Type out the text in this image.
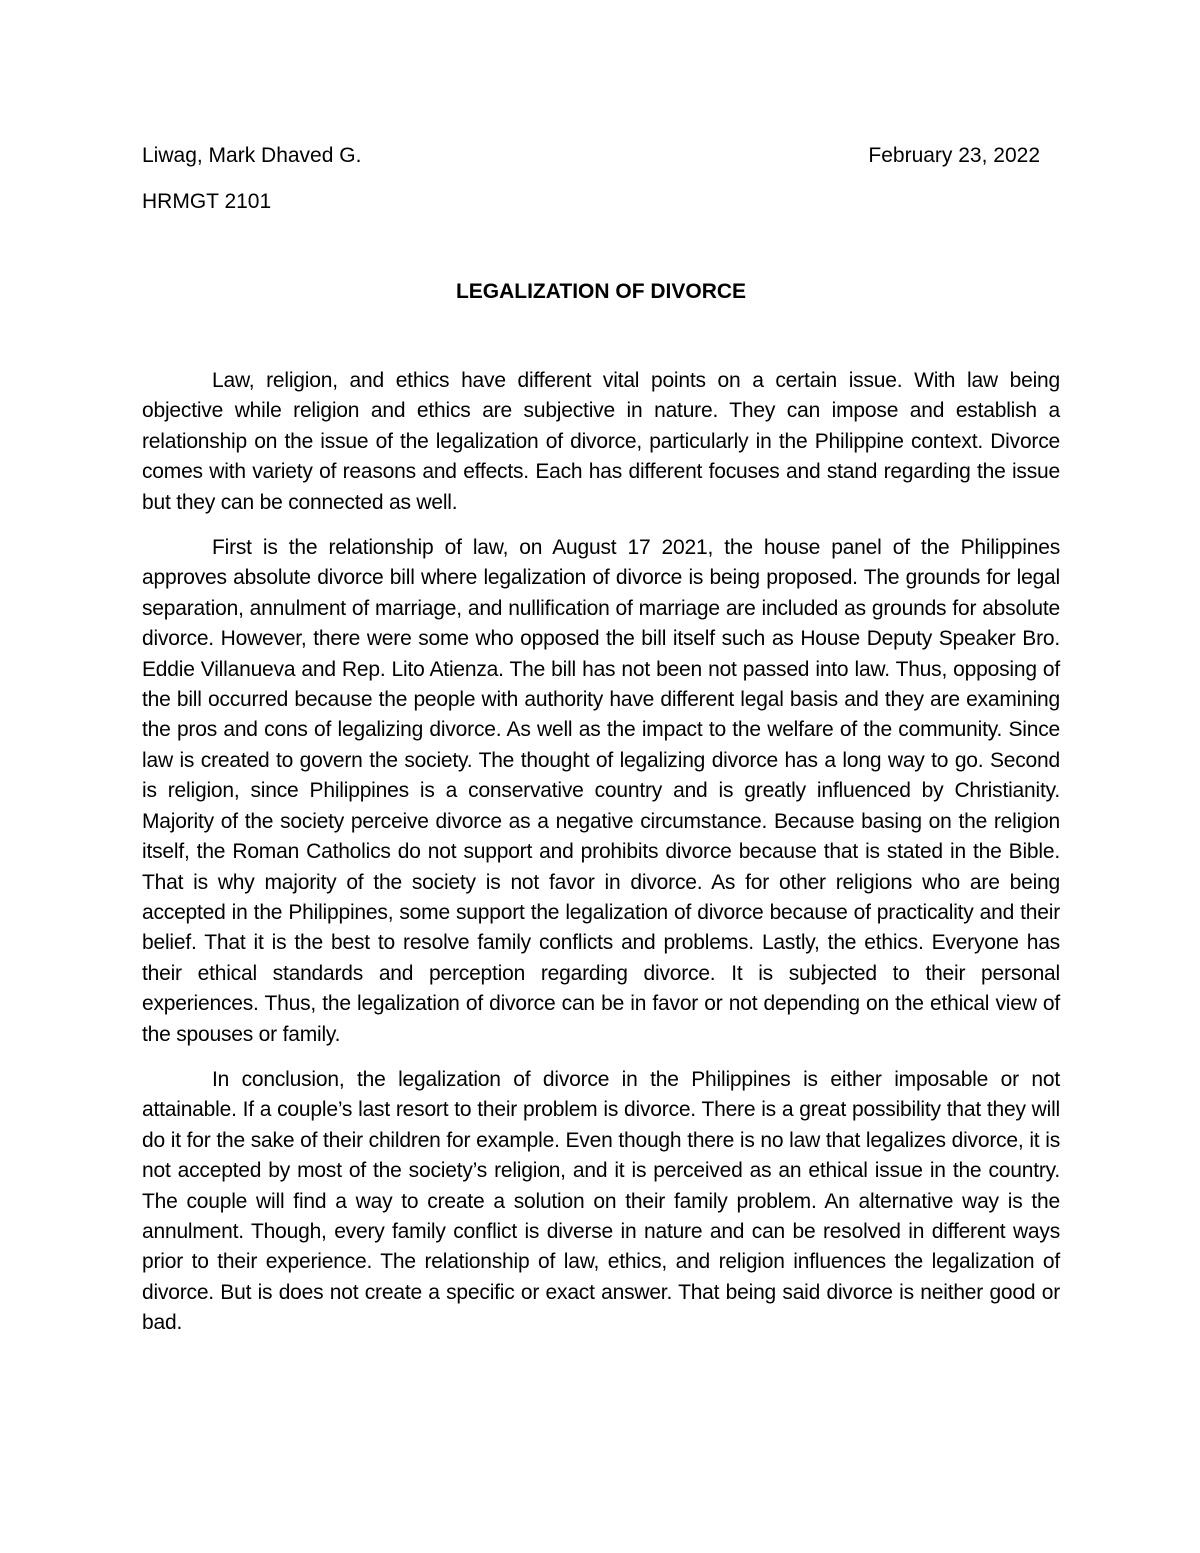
Liwag, Mark Dhaved G.	February 23, 2022
HRMGT 2101
LEGALIZATION OF DIVORCE

Law, religion, and ethics have different vital points on a certain issue. With law being objective while religion and ethics are subjective in nature. They can impose and establish a relationship on the issue of the legalization of divorce, particularly in the Philippine context. Divorce comes with variety of reasons and effects. Each has different focuses and stand regarding the issue but they can be connected as well.

First is the relationship of law, on August 17 2021, the house panel of the Philippines approves absolute divorce bill where legalization of divorce is being proposed. The grounds for legal separation, annulment of marriage, and nullification of marriage are included as grounds for absolute divorce. However, there were some who opposed the bill itself such as House Deputy Speaker Bro. Eddie Villanueva and Rep. Lito Atienza. The bill has not been not passed into law. Thus, opposing of the bill occurred because the people with authority have different legal basis and they are examining the pros and cons of legalizing divorce. As well as the impact to the welfare of the community. Since law is created to govern the society. The thought of legalizing divorce has a long way to go. Second is religion, since Philippines is a conservative country and is greatly influenced by Christianity. Majority of the society perceive divorce as a negative circumstance. Because basing on the religion itself, the Roman Catholics do not support and prohibits divorce because that is stated in the Bible. That is why majority of the society is not favor in divorce. As for other religions who are being accepted in the Philippines, some support the legalization of divorce because of practicality and their belief. That it is the best to resolve family conflicts and problems. Lastly, the ethics. Everyone has their ethical standards and perception regarding divorce. It is subjected to their personal experiences. Thus, the legalization of divorce can be in favor or not depending on the ethical view of the spouses or family.

In conclusion, the legalization of divorce in the Philippines is either imposable or not attainable. If a couple’s last resort to their problem is divorce. There is a great possibility that they will do it for the sake of their children for example. Even though there is no law that legalizes divorce, it is not accepted by most of the society’s religion, and it is perceived as an ethical issue in the country. The couple will find a way to create a solution on their family problem. An alternative way is the annulment. Though, every family conflict is diverse in nature and can be resolved in different ways prior to their experience. The relationship of law, ethics, and religion influences the legalization of divorce. But is does not create a specific or exact answer. That being said divorce is neither good or bad.
